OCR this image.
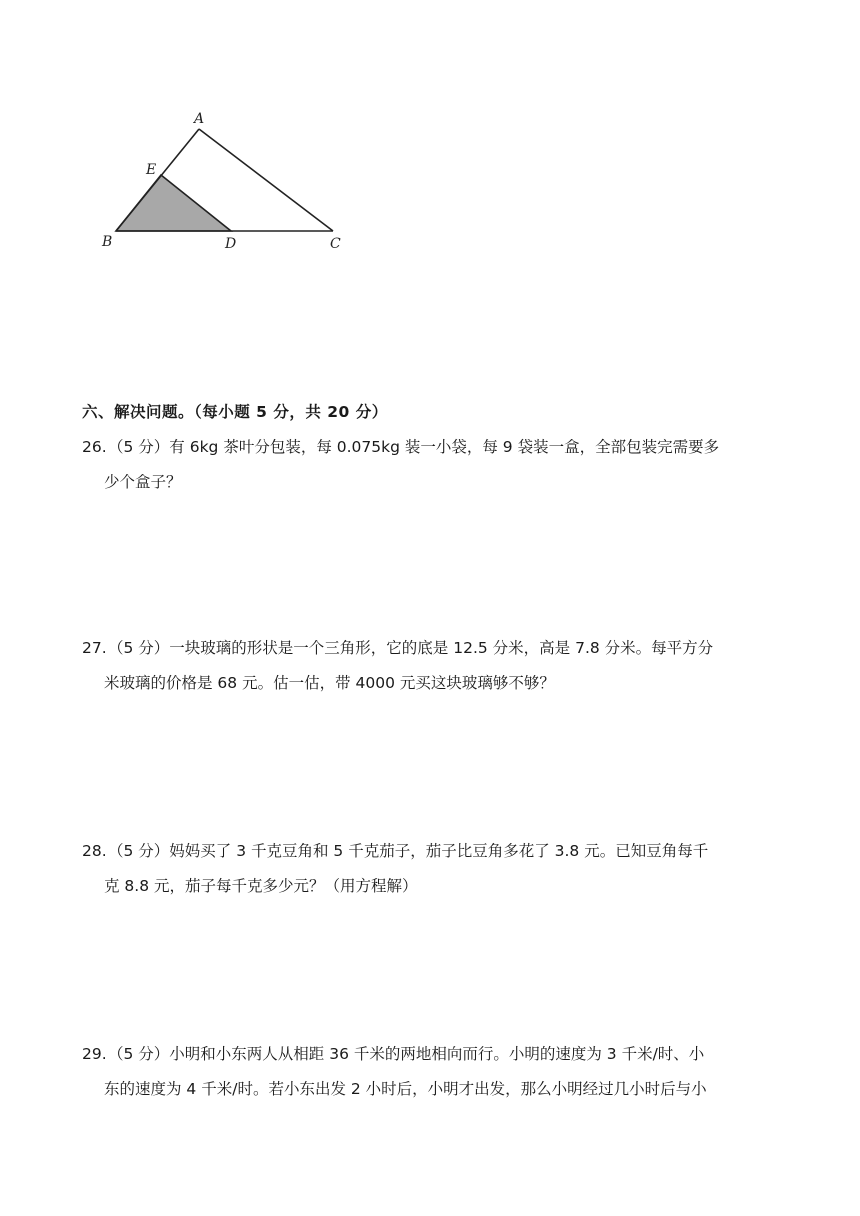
A
E
B	D	C
六、解决问题。（每小题 5 分，共 20 分）
26.（5 分）有 6kg 茶叶分包装，每 0.075kg 装一小袋，每 9 袋装一盒，全部包装完需要多
少个盒子？
27.（5 分）一块玻璃的形状是一个三角形，它的底是 12.5 分米，高是 7.8 分米。每平方分
米玻璃的价格是 68 元。估一估，带 4000 元买这块玻璃够不够？
28.（5 分）妈妈买了 3 千克豆角和 5 千克茄子，茄子比豆角多花了 3.8 元。已知豆角每千
克 8.8 元，茄子每千克多少元？（用方程解）
29.（5 分）小明和小东两人从相距 36 千米的两地相向而行。小明的速度为 3 千米/时、小
东的速度为 4 千米/时。若小东出发 2 小时后，小明才出发，那么小明经过几小时后与小
